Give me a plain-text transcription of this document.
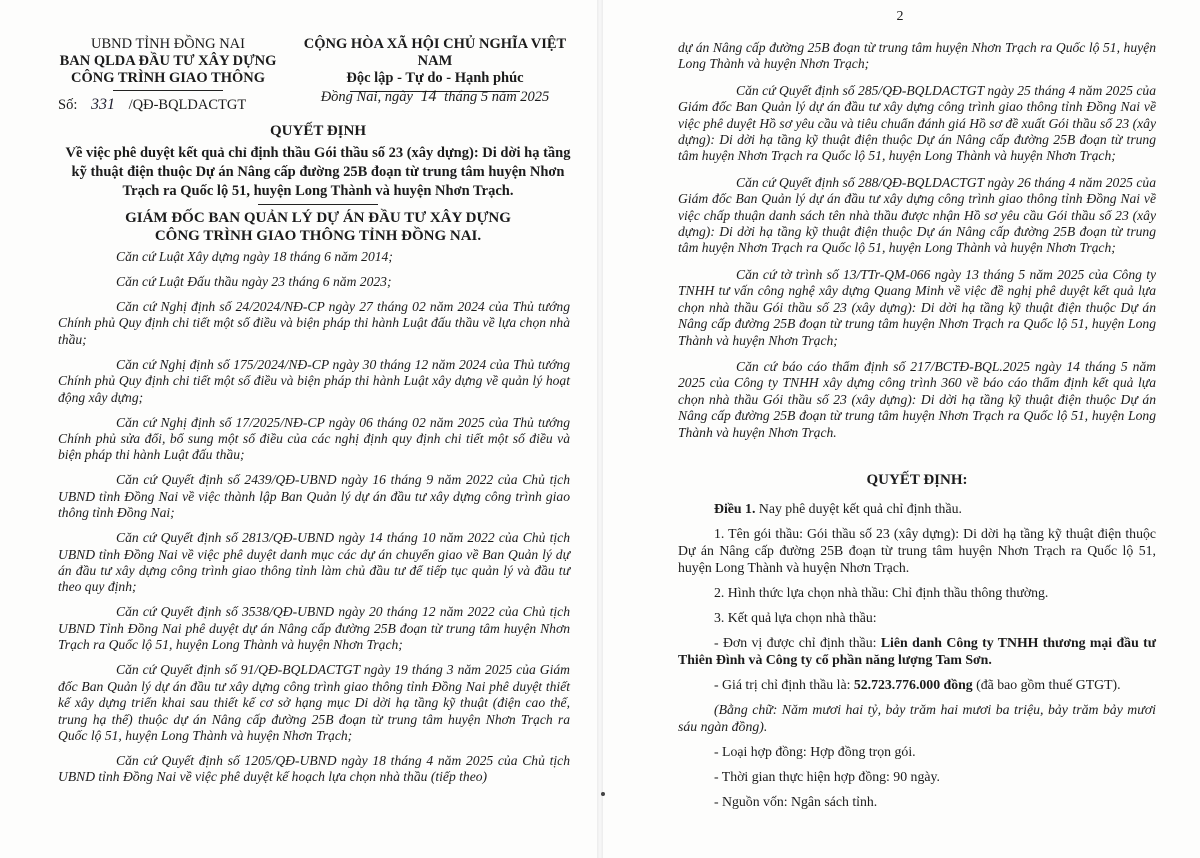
UBND TỈNH ĐỒNG NAI
BAN QLDA ĐẦU TƯ XÂY DỰNG
CÔNG TRÌNH GIAO THÔNG
Số: 331 /QĐ-BQLDACTGT
CỘNG HÒA XÃ HỘI CHỦ NGHĨA VIỆT NAM
Độc lập - Tự do - Hạnh phúc
Đồng Nai, ngày 14 tháng 5 năm 2025
QUYẾT ĐỊNH
Về việc phê duyệt kết quả chỉ định thầu Gói thầu số 23 (xây dựng): Di dời hạ tầng kỹ thuật điện thuộc Dự án Nâng cấp đường 25B đoạn từ trung tâm huyện Nhơn Trạch ra Quốc lộ 51, huyện Long Thành và huyện Nhơn Trạch.
GIÁM ĐỐC BAN QUẢN LÝ DỰ ÁN ĐẦU TƯ XÂY DỰNG
CÔNG TRÌNH GIAO THÔNG TỈNH ĐỒNG NAI.

Căn cứ Luật Xây dựng ngày 18 tháng 6 năm 2014;

Căn cứ Luật Đấu thầu ngày 23 tháng 6 năm 2023;

Căn cứ Nghị định số 24/2024/NĐ-CP ngày 27 tháng 02 năm 2024 của Thủ tướng Chính phủ Quy định chi tiết một số điều và biện pháp thi hành Luật đấu thầu về lựa chọn nhà thầu;

Căn cứ Nghị định số 175/2024/NĐ-CP ngày 30 tháng 12 năm 2024 của Thủ tướng Chính phủ Quy định chi tiết một số điều và biện pháp thi hành Luật xây dựng về quản lý hoạt động xây dựng;

Căn cứ Nghị định số 17/2025/NĐ-CP ngày 06 tháng 02 năm 2025 của Thủ tướng Chính phủ sửa đổi, bổ sung một số điều của các nghị định quy định chi tiết một số điều và biện pháp thi hành Luật đấu thầu;

Căn cứ Quyết định số 2439/QĐ-UBND ngày 16 tháng 9 năm 2022 của Chủ tịch UBND tỉnh Đồng Nai về việc thành lập Ban Quản lý dự án đầu tư xây dựng công trình giao thông tỉnh Đồng Nai;

Căn cứ Quyết định số 2813/QĐ-UBND ngày 14 tháng 10 năm 2022 của Chủ tịch UBND tỉnh Đồng Nai về việc phê duyệt danh mục các dự án chuyển giao về Ban Quản lý dự án đầu tư xây dựng công trình giao thông tỉnh làm chủ đầu tư để tiếp tục quản lý và đầu tư theo quy định;

Căn cứ Quyết định số 3538/QĐ-UBND ngày 20 tháng 12 năm 2022 của Chủ tịch UBND Tỉnh Đồng Nai phê duyệt dự án Nâng cấp đường 25B đoạn từ trung tâm huyện Nhơn Trạch ra Quốc lộ 51, huyện Long Thành và huyện Nhơn Trạch;

Căn cứ Quyết định số 91/QĐ-BQLDACTGT ngày 19 tháng 3 năm 2025 của Giám đốc Ban Quản lý dự án đầu tư xây dựng công trình giao thông tỉnh Đồng Nai phê duyệt thiết kế xây dựng triển khai sau thiết kế cơ sở hạng mục Di dời hạ tầng kỹ thuật (điện cao thế, trung hạ thế) thuộc dự án Nâng cấp đường 25B đoạn từ trung tâm huyện Nhơn Trạch ra Quốc lộ 51, huyện Long Thành và huyện Nhơn Trạch;

Căn cứ Quyết định số 1205/QĐ-UBND ngày 18 tháng 4 năm 2025 của Chủ tịch UBND tỉnh Đồng Nai về việc phê duyệt kế hoạch lựa chọn nhà thầu (tiếp theo)

2

dự án Nâng cấp đường 25B đoạn từ trung tâm huyện Nhơn Trạch ra Quốc lộ 51, huyện Long Thành và huyện Nhơn Trạch;

Căn cứ Quyết định số 285/QĐ-BQLDACTGT ngày 25 tháng 4 năm 2025 của Giám đốc Ban Quản lý dự án đầu tư xây dựng công trình giao thông tỉnh Đồng Nai về việc phê duyệt Hồ sơ yêu cầu và tiêu chuẩn đánh giá Hồ sơ đề xuất Gói thầu số 23 (xây dựng): Di dời hạ tầng kỹ thuật điện thuộc Dự án Nâng cấp đường 25B đoạn từ trung tâm huyện Nhơn Trạch ra Quốc lộ 51, huyện Long Thành và huyện Nhơn Trạch;

Căn cứ Quyết định số 288/QĐ-BQLDACTGT ngày 26 tháng 4 năm 2025 của Giám đốc Ban Quản lý dự án đầu tư xây dựng công trình giao thông tỉnh Đồng Nai về việc chấp thuận danh sách tên nhà thầu được nhận Hồ sơ yêu cầu Gói thầu số 23 (xây dựng): Di dời hạ tầng kỹ thuật điện thuộc Dự án Nâng cấp đường 25B đoạn từ trung tâm huyện Nhơn Trạch ra Quốc lộ 51, huyện Long Thành và huyện Nhơn Trạch;

Căn cứ tờ trình số 13/TTr-QM-066 ngày 13 tháng 5 năm 2025 của Công ty TNHH tư vấn công nghệ xây dựng Quang Minh về việc đề nghị phê duyệt kết quả lựa chọn nhà thầu Gói thầu số 23 (xây dựng): Di dời hạ tầng kỹ thuật điện thuộc Dự án Nâng cấp đường 25B đoạn từ trung tâm huyện Nhơn Trạch ra Quốc lộ 51, huyện Long Thành và huyện Nhơn Trạch;

Căn cứ báo cáo thẩm định số 217/BCTĐ-BQL.2025 ngày 14 tháng 5 năm 2025 của Công ty TNHH xây dựng công trình 360 về báo cáo thẩm định kết quả lựa chọn nhà thầu Gói thầu số 23 (xây dựng): Di dời hạ tầng kỹ thuật điện thuộc Dự án Nâng cấp đường 25B đoạn từ trung tâm huyện Nhơn Trạch ra Quốc lộ 51, huyện Long Thành và huyện Nhơn Trạch.

QUYẾT ĐỊNH:

Điều 1. Nay phê duyệt kết quả chỉ định thầu.

1. Tên gói thầu: Gói thầu số 23 (xây dựng): Di dời hạ tầng kỹ thuật điện thuộc Dự án Nâng cấp đường 25B đoạn từ trung tâm huyện Nhơn Trạch ra Quốc lộ 51, huyện Long Thành và huyện Nhơn Trạch.

2. Hình thức lựa chọn nhà thầu: Chỉ định thầu thông thường.

3. Kết quả lựa chọn nhà thầu:

- Đơn vị được chỉ định thầu: Liên danh Công ty TNHH thương mại đầu tư Thiên Đình và Công ty cổ phần năng lượng Tam Sơn.

- Giá trị chỉ định thầu là: 52.723.776.000 đồng (đã bao gồm thuế GTGT).

(Bằng chữ: Năm mươi hai tỷ, bảy trăm hai mươi ba triệu, bảy trăm bảy mươi sáu ngàn đồng).

- Loại hợp đồng: Hợp đồng trọn gói.

- Thời gian thực hiện hợp đồng: 90 ngày.

- Nguồn vốn: Ngân sách tỉnh.
